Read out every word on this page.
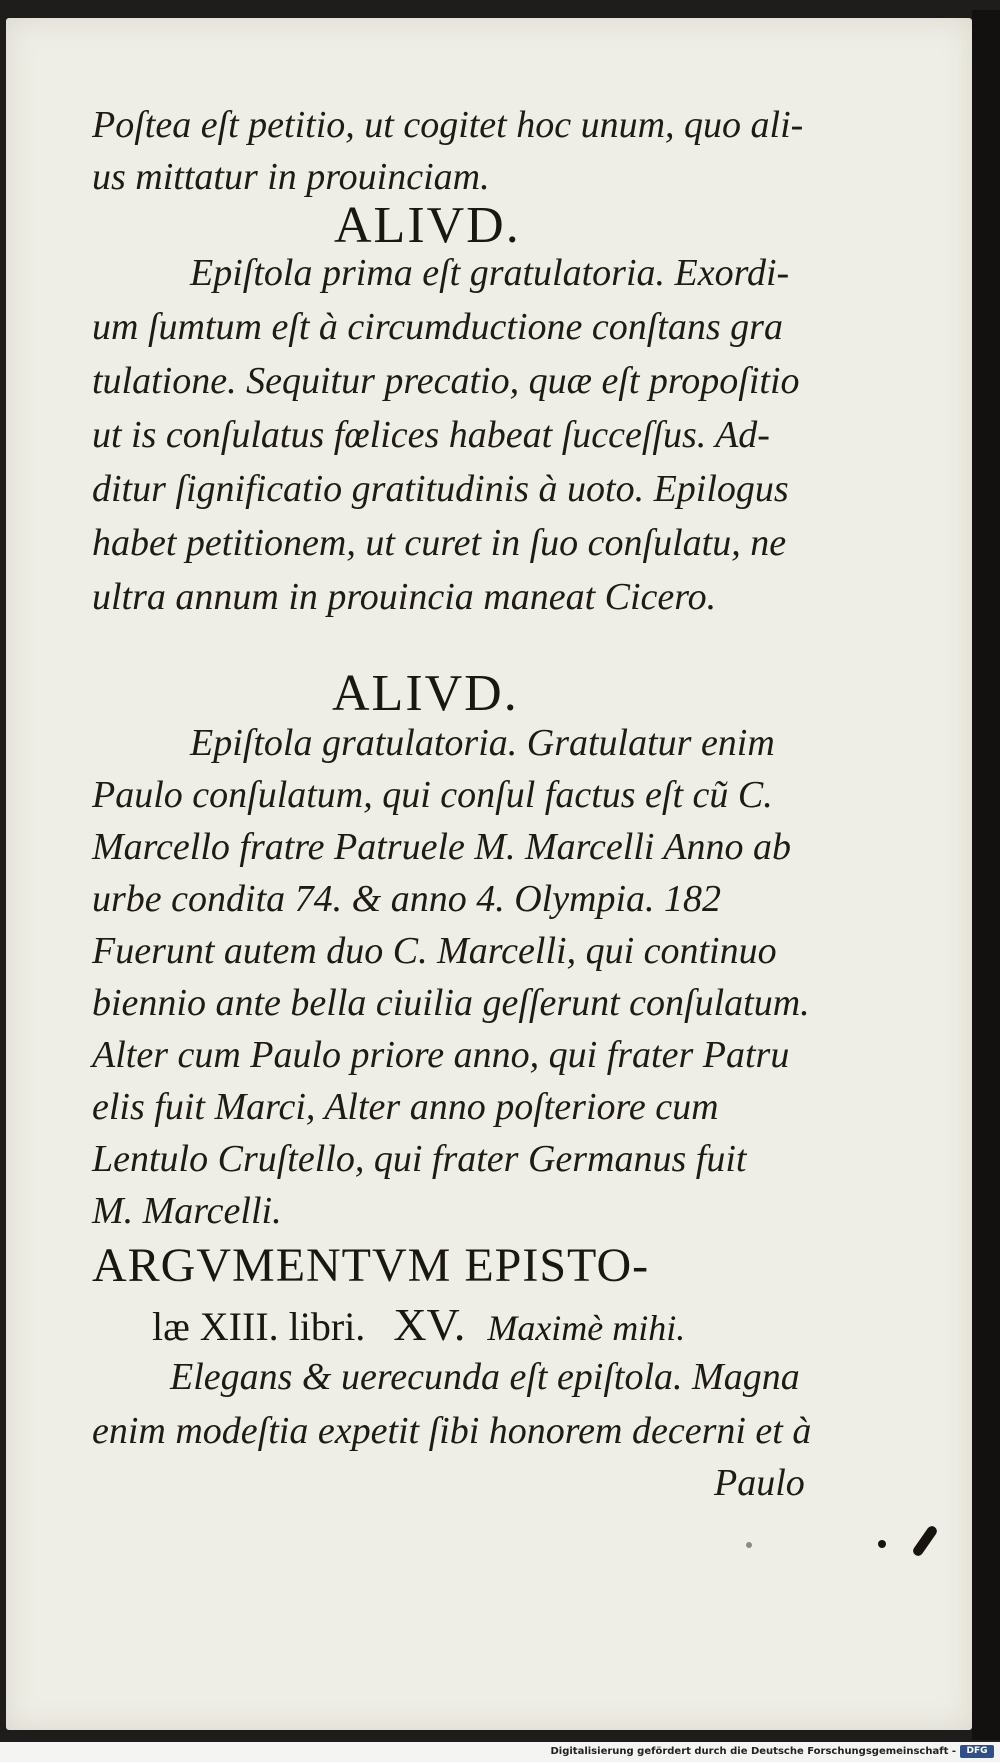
Poſtea eſt petitio, ut cogitet hoc unum, quo ali-
us mittatur in prouinciam.
ALIVD.
Epiſtola prima eſt gratulatoria. Exordi-
um ſumtum eſt à circumductione conſtans gra
tulatione. Sequitur precatio, quæ eſt propoſitio
ut is conſulatus fœlices habeat ſucceſſus. Ad-
ditur ſignificatio gratitudinis à uoto. Epilogus
habet petitionem, ut curet in ſuo conſulatu, ne
ultra annum in prouincia maneat Cicero.
ALIVD.
Epiſtola gratulatoria. Gratulatur enim
Paulo conſulatum, qui conſul factus eſt cũ C.
Marcello fratre Patruele M. Marcelli Anno ab
urbe condita 74. & anno 4. Olympia. 182
Fuerunt autem duo C. Marcelli, qui continuo
biennio ante bella ciuilia geſſerunt conſulatum.
Alter cum Paulo priore anno, qui frater Patru
elis fuit Marci, Alter anno poſteriore cum
Lentulo Cruſtello, qui frater Germanus fuit
M. Marcelli.
ARGVMENTVM EPISTO-
læ XIII. libri. XV. Maximè mihi.
Elegans & uerecunda eſt epiſtola. Magna
enim modeſtia expetit ſibi honorem decerni et à
Paulo
Digitalisierung gefördert durch die Deutsche Forschungsgemeinschaft -	DFG
